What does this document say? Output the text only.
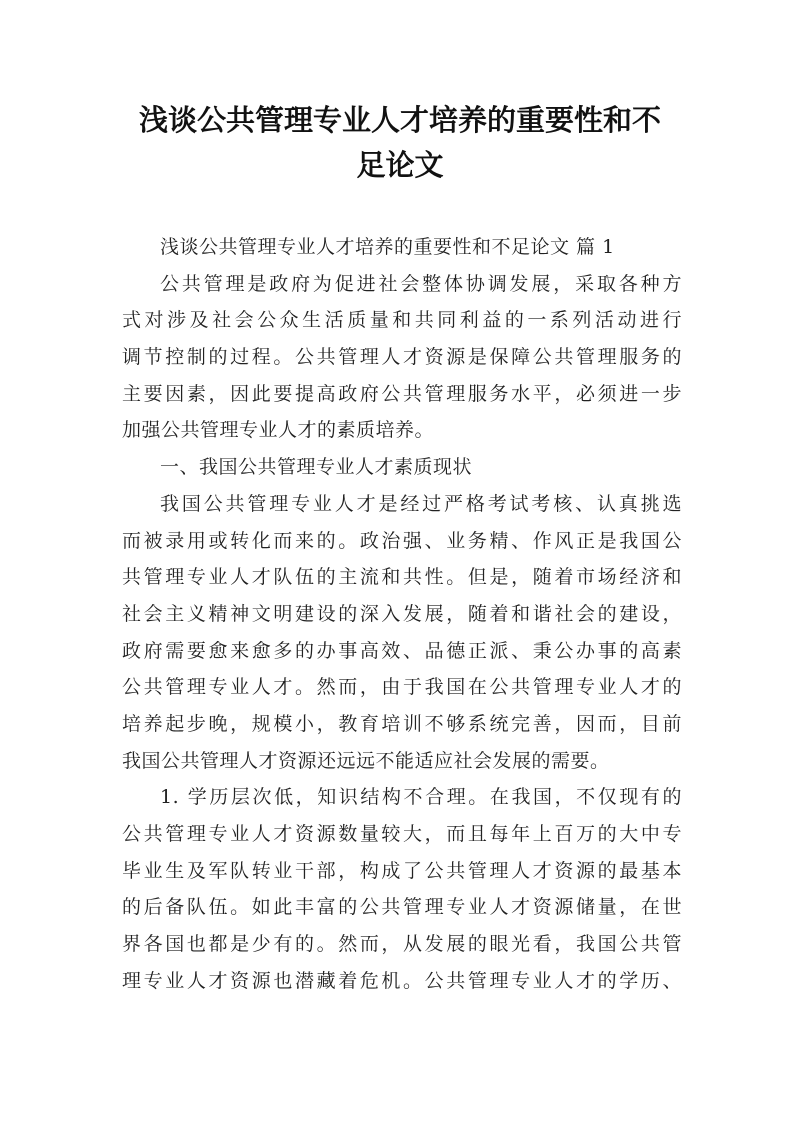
浅谈公共管理专业人才培养的重要性和不
足论文
浅谈公共管理专业人才培养的重要性和不足论文 篇 1
公共管理是政府为促进社会整体协调发展，采取各种方
式对涉及社会公众生活质量和共同利益的一系列活动进行
调节控制的过程。公共管理人才资源是保障公共管理服务的
主要因素，因此要提高政府公共管理服务水平，必须进一步
加强公共管理专业人才的素质培养。
一、我国公共管理专业人才素质现状
我国公共管理专业人才是经过严格考试考核、认真挑选
而被录用或转化而来的。政治强、业务精、作风正是我国公
共管理专业人才队伍的主流和共性。但是，随着市场经济和
社会主义精神文明建设的深入发展，随着和谐社会的建设，
政府需要愈来愈多的办事高效、品德正派、秉公办事的高素
公共管理专业人才。然而，由于我国在公共管理专业人才的
培养起步晚，规模小，教育培训不够系统完善，因而，目前
我国公共管理人才资源还远远不能适应社会发展的需要。
1. 学历层次低，知识结构不合理。在我国，不仅现有的
公共管理专业人才资源数量较大，而且每年上百万的大中专
毕业生及军队转业干部，构成了公共管理人才资源的最基本
的后备队伍。如此丰富的公共管理专业人才资源储量，在世
界各国也都是少有的。然而，从发展的眼光看，我国公共管
理专业人才资源也潜藏着危机。公共管理专业人才的学历、
